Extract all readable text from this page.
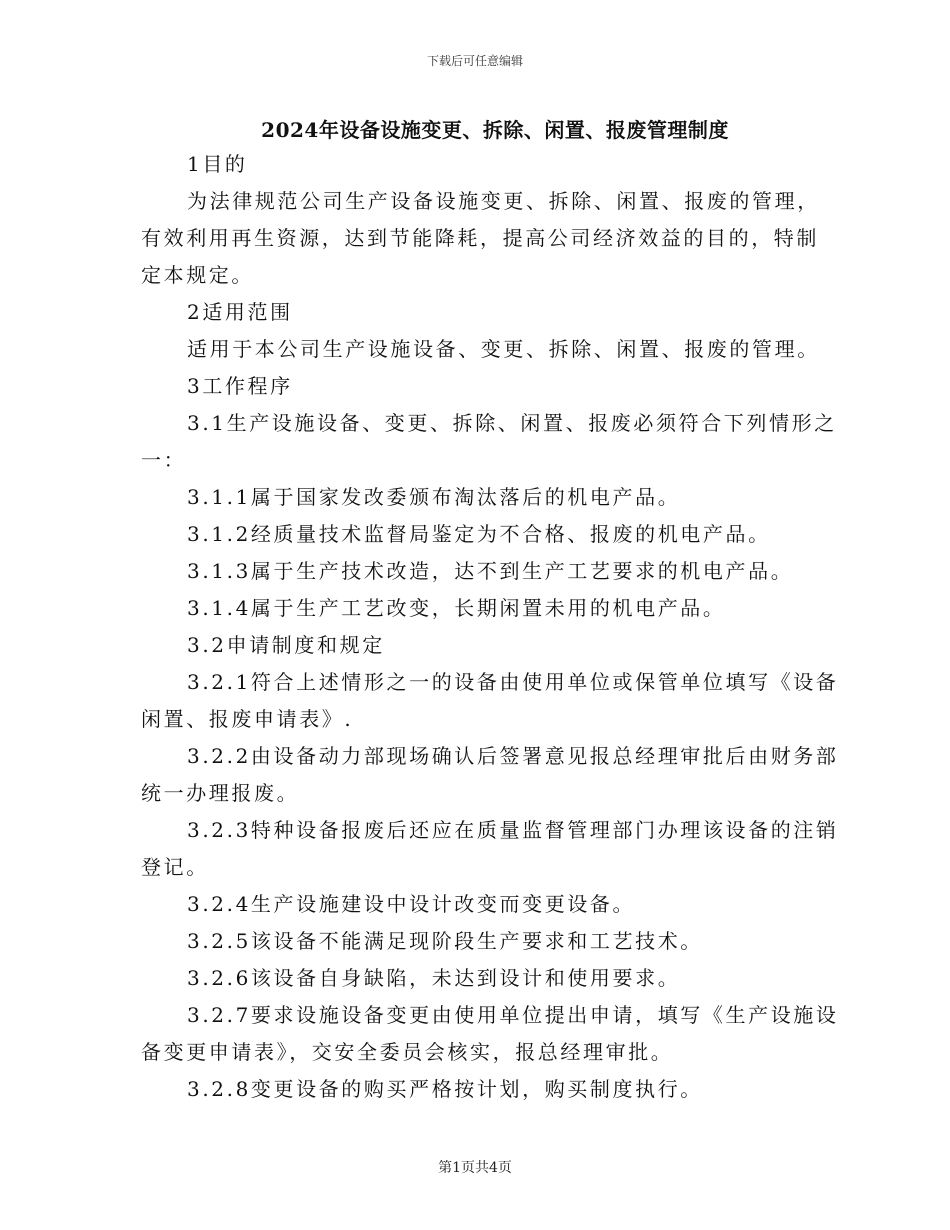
下载后可任意编辑
2024年设备设施变更、拆除、闲置、报废管理制度

1目的

为法律规范公司生产设备设施变更、拆除、闲置、报废的管理，

有效利用再生资源，达到节能降耗，提高公司经济效益的目的，特制

定本规定。

2适用范围

适用于本公司生产设施设备、变更、拆除、闲置、报废的管理。

3工作程序

3.1生产设施设备、变更、拆除、闲置、报废必须符合下列情形之

一：

3.1.1属于国家发改委颁布淘汰落后的机电产品。

3.1.2经质量技术监督局鉴定为不合格、报废的机电产品。

3.1.3属于生产技术改造，达不到生产工艺要求的机电产品。

3.1.4属于生产工艺改变，长期闲置未用的机电产品。

3.2申请制度和规定

3.2.1符合上述情形之一的设备由使用单位或保管单位填写《设备

闲置、报废申请表》.

3.2.2由设备动力部现场确认后签署意见报总经理审批后由财务部

统一办理报废。

3.2.3特种设备报废后还应在质量监督管理部门办理该设备的注销

登记。

3.2.4生产设施建设中设计改变而变更设备。

3.2.5该设备不能满足现阶段生产要求和工艺技术。

3.2.6该设备自身缺陷，未达到设计和使用要求。

3.2.7要求设施设备变更由使用单位提出申请，填写《生产设施设

备变更申请表》，交安全委员会核实，报总经理审批。

3.2.8变更设备的购买严格按计划，购买制度执行。

第1页共4页
